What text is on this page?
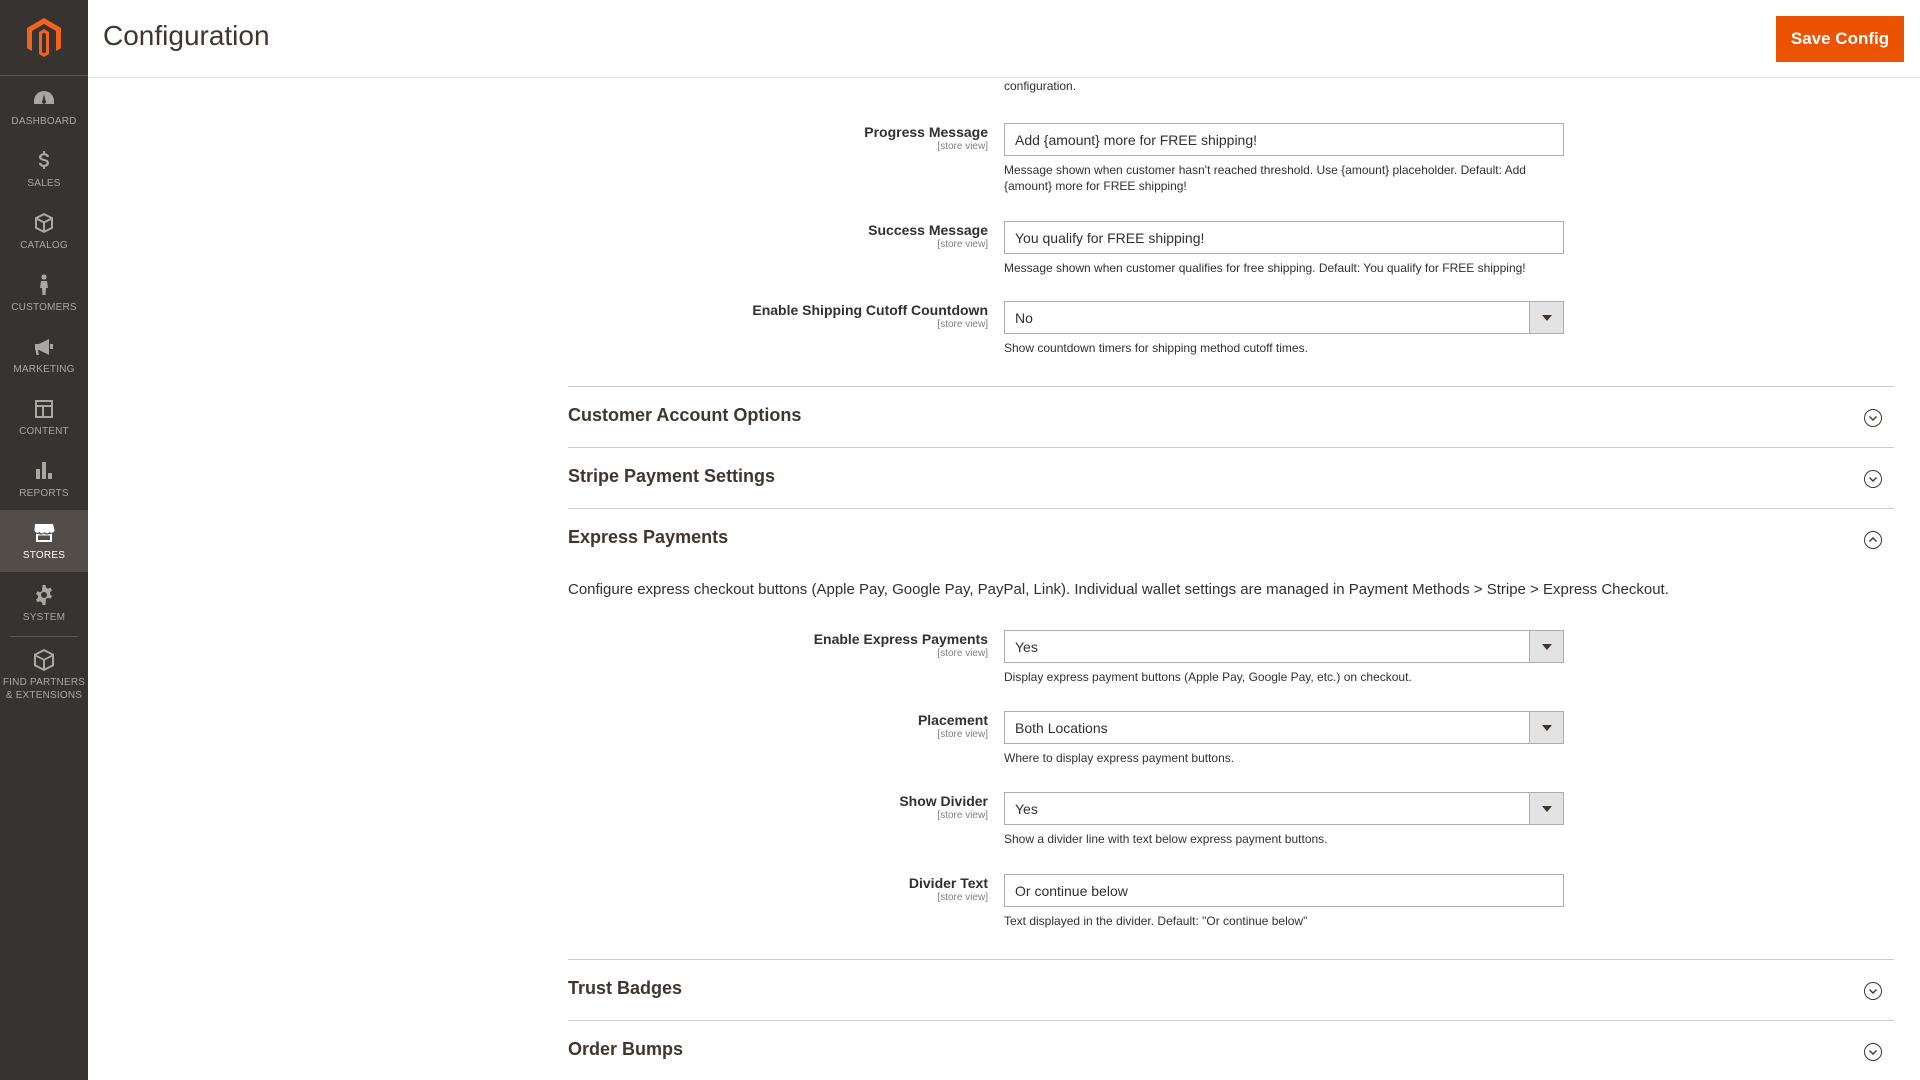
DASHBOARD
SALES
CATALOG
CUSTOMERS
MARKETING
CONTENT
REPORTS
STORES
SYSTEM
FIND PARTNERS
& EXTENSIONS
Configuration	Save Config
configuration.
Progress Message
[store view]
Add {amount} more for FREE shipping!
Message shown when customer hasn't reached threshold. Use {amount} placeholder. Default: Add {amount} more for FREE shipping!
Success Message
[store view]
You qualify for FREE shipping!
Message shown when customer qualifies for free shipping. Default: You qualify for FREE shipping!
Enable Shipping Cutoff Countdown
[store view] No
Show countdown timers for shipping method cutoff times.
Customer Account Options
Stripe Payment Settings
Express Payments
Configure express checkout buttons (Apple Pay, Google Pay, PayPal, Link). Individual wallet settings are managed in Payment Methods > Stripe > Express Checkout.
Enable Express Payments
[store view] Yes
Display express payment buttons (Apple Pay, Google Pay, etc.) on checkout.
Placement
[store view] Both Locations
Where to display express payment buttons.
Show Divider
[store view] Yes
Show a divider line with text below express payment buttons.
Divider Text
[store view]
Or continue below
Text displayed in the divider. Default: "Or continue below"
Trust Badges
Order Bumps
